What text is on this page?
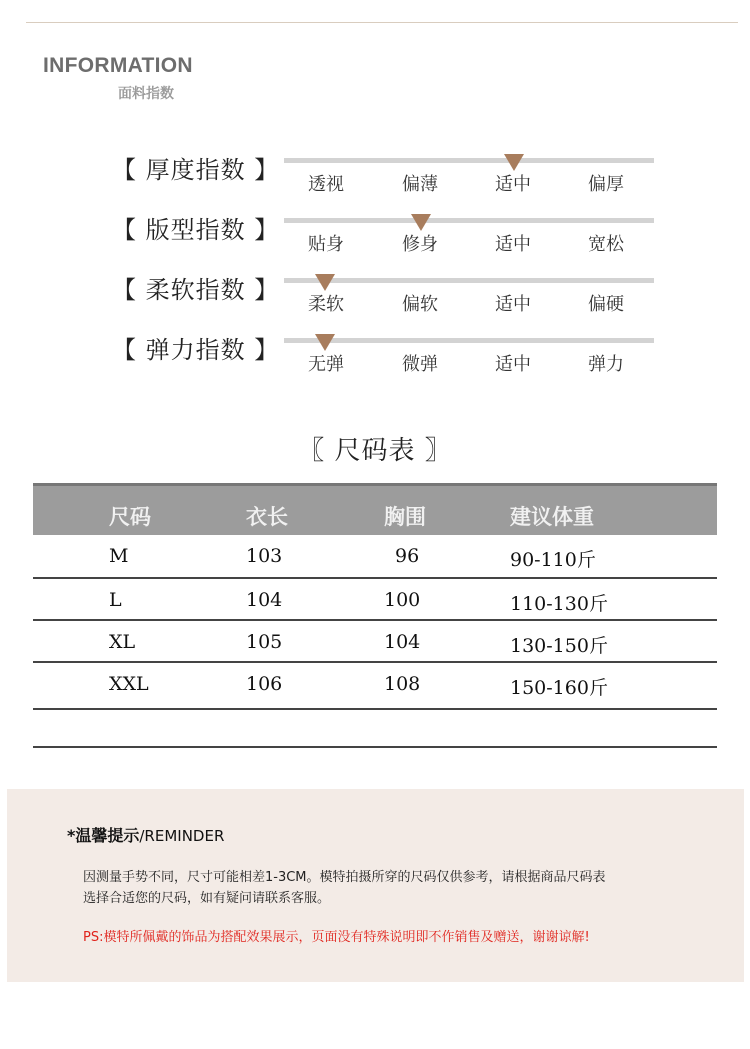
INFORMATION
面料指数
【 厚度指数 】
透视	偏薄	适中	偏厚
【 版型指数 】
贴身	修身	适中	宽松
【 柔软指数 】
柔软	偏软	适中	偏硬
【 弹力指数 】
无弹	微弹	适中	弹力
〖 尺码表 〗
尺码	衣长	胸围	建议体重
M	103	96	90-110斤
L	104	100	110-130斤
XL	105	104	130-150斤
XXL	106	108	150-160斤
*温馨提示/REMINDER
因测量手势不同，尺寸可能相差1-3CM。模特拍摄所穿的尺码仅供参考，请根据商品尺码表
选择合适您的尺码，如有疑问请联系客服。
PS:模特所佩戴的饰品为搭配效果展示，页面没有特殊说明即不作销售及赠送，谢谢谅解!
